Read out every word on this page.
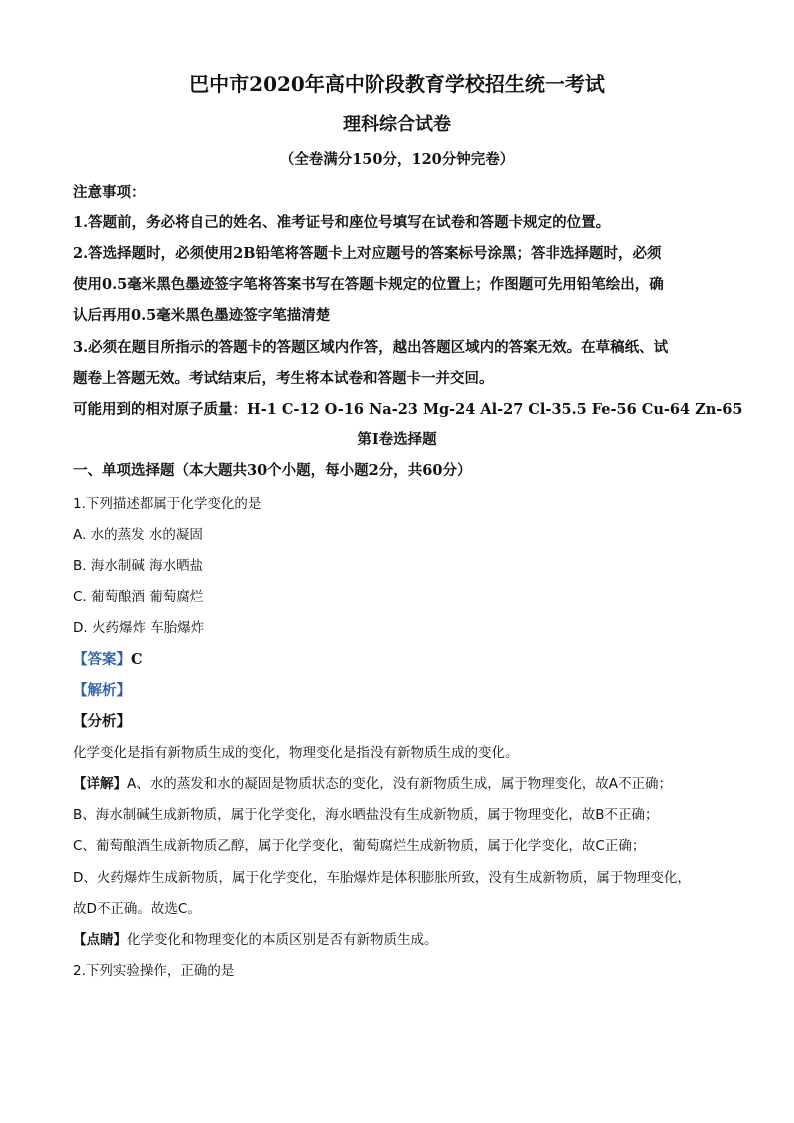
巴中市2020年高中阶段教育学校招生统一考试
理科综合试卷
（全卷满分150分，120分钟完卷）
注意事项：
1.答题前，务必将自己的姓名、准考证号和座位号填写在试卷和答题卡规定的位置。
2.答选择题时，必须使用2B铅笔将答题卡上对应题号的答案标号涂黑；答非选择题时，必须
使用0.5毫米黑色墨迹签字笔将答案书写在答题卡规定的位置上；作图题可先用铅笔绘出，确
认后再用0.5毫米黑色墨迹签字笔描清楚
3.必须在题目所指示的答题卡的答题区域内作答，越出答题区域内的答案无效。在草稿纸、试
题卷上答题无效。考试结束后，考生将本试卷和答题卡一并交回。
可能用到的相对原子质量：H-1 C-12 O-16 Na-23 Mg-24 Al-27 Cl-35.5 Fe-56 Cu-64 Zn-65
第Ⅰ卷选择题
一、单项选择题（本大题共30个小题，每小题2分，共60分）
1.下列描述都属于化学变化的是
A. 水的蒸发 水的凝固
B. 海水制碱 海水晒盐
C. 葡萄酿酒 葡萄腐烂
D. 火药爆炸 车胎爆炸
【答案】C
【解析】
【分析】
化学变化是指有新物质生成的变化，物理变化是指没有新物质生成的变化。
【详解】A、水的蒸发和水的凝固是物质状态的变化，没有新物质生成，属于物理变化，故A不正确；
B、海水制碱生成新物质，属于化学变化，海水晒盐没有生成新物质，属于物理变化，故B不正确；
C、葡萄酿酒生成新物质乙醇，属于化学变化，葡萄腐烂生成新物质，属于化学变化，故C正确；
D、火药爆炸生成新物质，属于化学变化，车胎爆炸是体积膨胀所致，没有生成新物质，属于物理变化，
故D不正确。故选C。
【点睛】化学变化和物理变化的本质区别是否有新物质生成。
2.下列实验操作，正确的是
